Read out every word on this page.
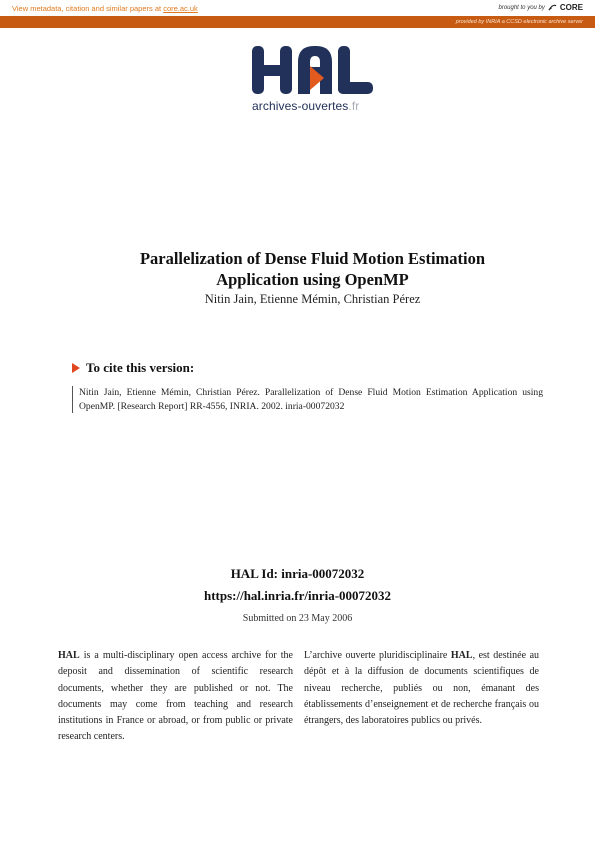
View metadata, citation and similar papers at core.ac.uk	brought to you by CORE
provided by INRIA a CCSD electronic archive server
archives-ouvertes.fr
Parallelization of Dense Fluid Motion Estimation
Application using OpenMP
Nitin Jain, Etienne Mémin, Christian Pérez
To cite this version:
Nitin Jain, Etienne Mémin, Christian Pérez. Parallelization of Dense Fluid Motion Estimation Application using OpenMP. [Research Report] RR-4556, INRIA. 2002. inria-00072032
HAL Id: inria-00072032
https://hal.inria.fr/inria-00072032
Submitted on 23 May 2006
HAL is a multi-disciplinary open access archive for the deposit and dissemination of scientific research documents, whether they are published or not. The documents may come from teaching and research institutions in France or abroad, or from public or private research centers.
L’archive ouverte pluridisciplinaire HAL, est destinée au dépôt et à la diffusion de documents scientifiques de niveau recherche, publiés ou non, émanant des établissements d’enseignement et de recherche français ou étrangers, des laboratoires publics ou privés.
